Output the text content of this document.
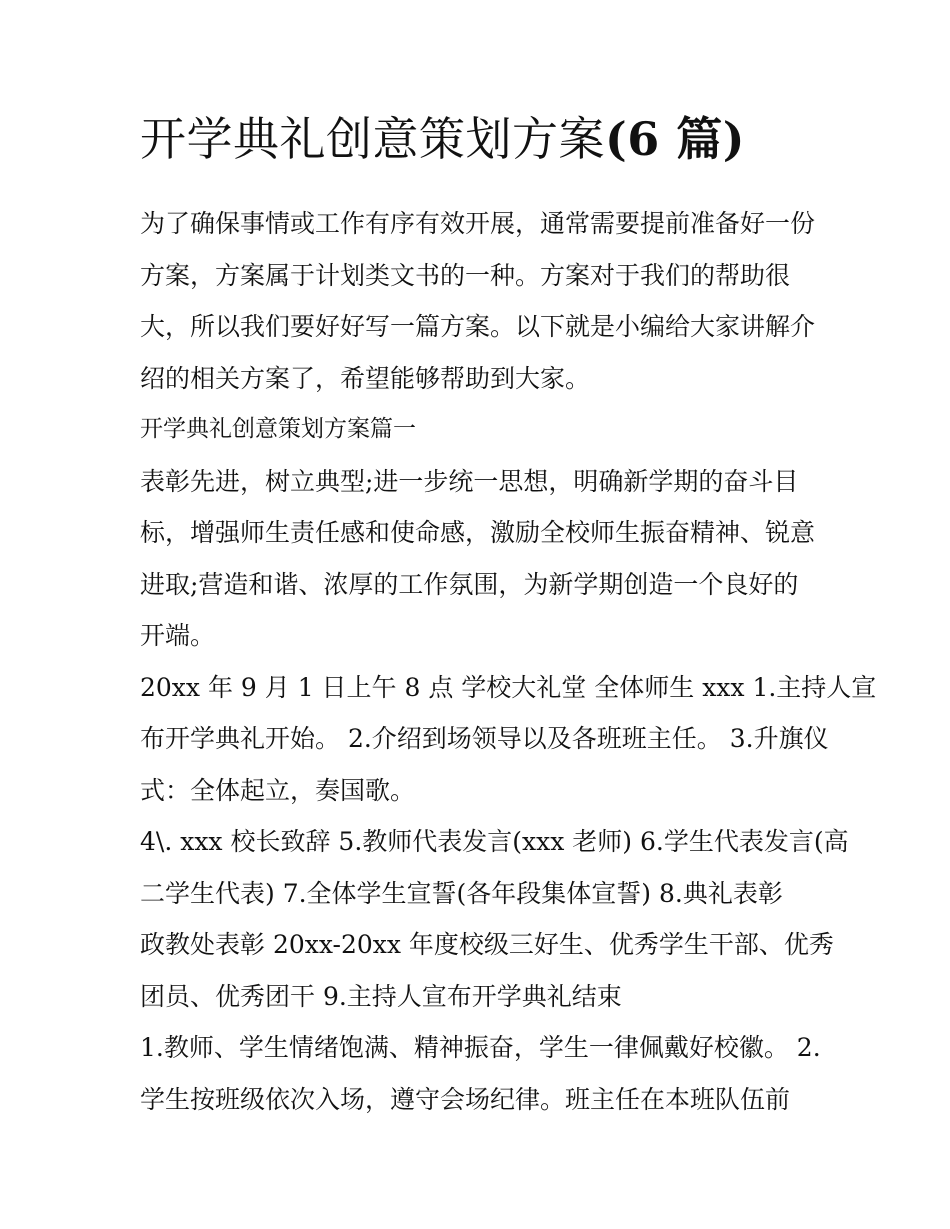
开学典礼创意策划方案(6 篇)

为了确保事情或工作有序有效开展，通常需要提前准备好一份

方案，方案属于计划类文书的一种。方案对于我们的帮助很

大，所以我们要好好写一篇方案。以下就是小编给大家讲解介

绍的相关方案了，希望能够帮助到大家。

开学典礼创意策划方案篇一

表彰先进，树立典型;进一步统一思想，明确新学期的奋斗目

标，增强师生责任感和使命感，激励全校师生振奋精神、锐意

进取;营造和谐、浓厚的工作氛围，为新学期创造一个良好的

开端。

20xx 年 9 月 1 日上午 8 点 学校大礼堂 全体师生 xxx 1.主持人宣

布开学典礼开始。 2.介绍到场领导以及各班班主任。 3.升旗仪

式：全体起立，奏国歌。

4\. xxx 校长致辞 5.教师代表发言(xxx 老师) 6.学生代表发言(高

二学生代表) 7.全体学生宣誓(各年段集体宣誓) 8.典礼表彰

政教处表彰 20xx-20xx 年度校级三好生、优秀学生干部、优秀

团员、优秀团干 9.主持人宣布开学典礼结束

1.教师、学生情绪饱满、精神振奋，学生一律佩戴好校徽。 2.

学生按班级依次入场，遵守会场纪律。班主任在本班队伍前
